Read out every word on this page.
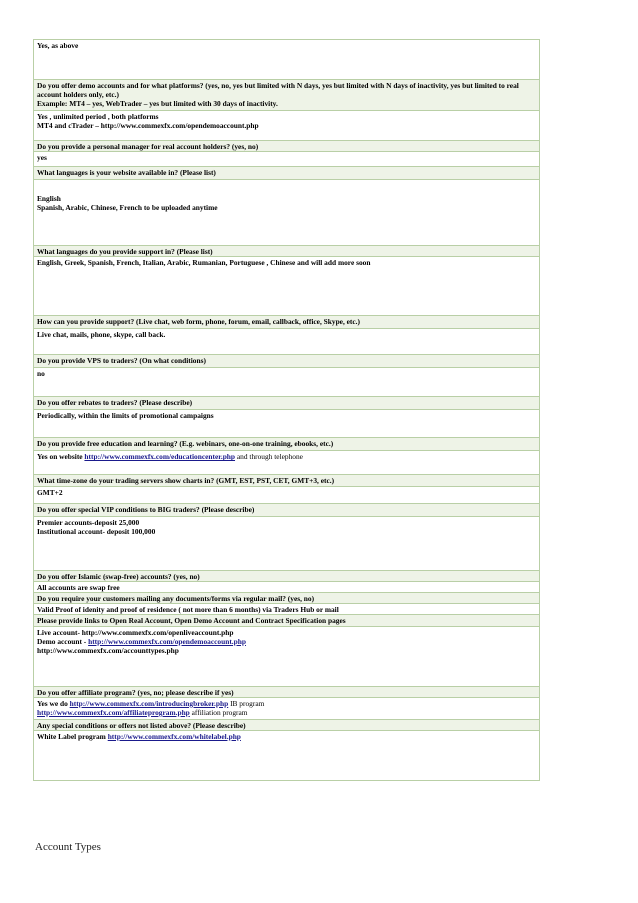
Yes, as above

Do you offer demo accounts and for what platforms? (yes, no, yes but limited with N days, yes but limited with N days of inactivity, yes but limited to real account holders only, etc.)
Example: MT4 – yes, WebTrader – yes but limited with 30 days of inactivity.

Yes , unlimited period , both platforms
MT4 and cTrader – http://www.commexfx.com/opendemoaccount.php

Do you provide a personal manager for real account holders? (yes, no)

yes

What languages is your website available in? (Please list)

English
Spanish, Arabic, Chinese, French to be uploaded anytime

What languages do you provide support in? (Please list)

English, Greek, Spanish, French, Italian, Arabic, Rumanian, Portuguese , Chinese and will add more soon

How can you provide support? (Live chat, web form, phone, forum, email, callback, office, Skype, etc.)

Live chat, mails, phone, skype, call back.

Do you provide VPS to traders? (On what conditions)

no

Do you offer rebates to traders? (Please describe)

Periodically, within the limits of promotional campaigns

Do you provide free education and learning? (E.g. webinars, one-on-one training, ebooks, etc.)

Yes on website http://www.commexfx.com/educationcenter.php and through telephone

What time-zone do your trading servers show charts in? (GMT, EST, PST, CET, GMT+3, etc.)

GMT+2

Do you offer special VIP conditions to BIG traders? (Please describe)

Premier accounts-deposit 25,000
Institutional account- deposit 100,000

Do you offer Islamic (swap-free) accounts? (yes, no)

All accounts are swap free

Do you require your customers mailing any documents/forms via regular mail? (yes, no)

Valid Proof of idenity and proof of residence ( not more than 6 months) via Traders Hub or mail

Please provide links to Open Real Account, Open Demo Account and Contract Specification pages

Live account- http://www.commexfx.com/openliveaccount.php
Demo account - http://www.commexfx.com/opendemoaccount.php
http://www.commexfx.com/accounttypes.php

Do you offer affiliate program? (yes, no; please describe if yes)

Yes we do http://www.commexfx.com/introducingbroker.php IB program
http://www.commexfx.com/affiliateprogram.php affiliation program

Any special conditions or offers not listed above? (Please describe)

White Label program http://www.commexfx.com/whitelabel.php
Account Types
